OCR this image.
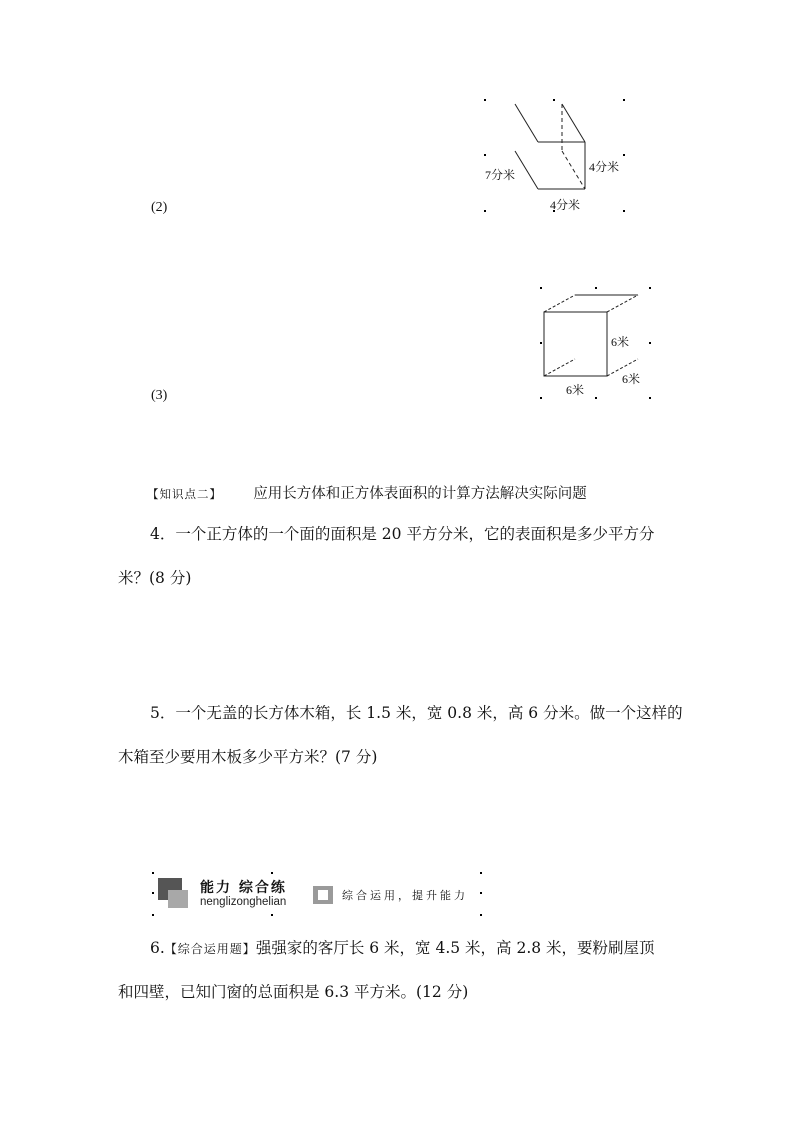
(2)
7分米
4分米
4分米
(3)
6米
6米
6米
【知识点二】 应用长方体和正方体表面积的计算方法解决实际问题
4．一个正方体的一个面的面积是 20 平方分米，它的表面积是多少平方分
米？(8 分)
5．一个无盖的长方体木箱，长 1.5 米，宽 0.8 米，高 6 分米。做一个这样的
木箱至少要用木板多少平方米？(7 分)
能力 综合练
nenglizonghelian	综合运用，提升能力
6.【综合运用题】强强家的客厅长 6 米，宽 4.5 米，高 2.8 米，要粉刷屋顶
和四壁，已知门窗的总面积是 6.3 平方米。(12 分)
